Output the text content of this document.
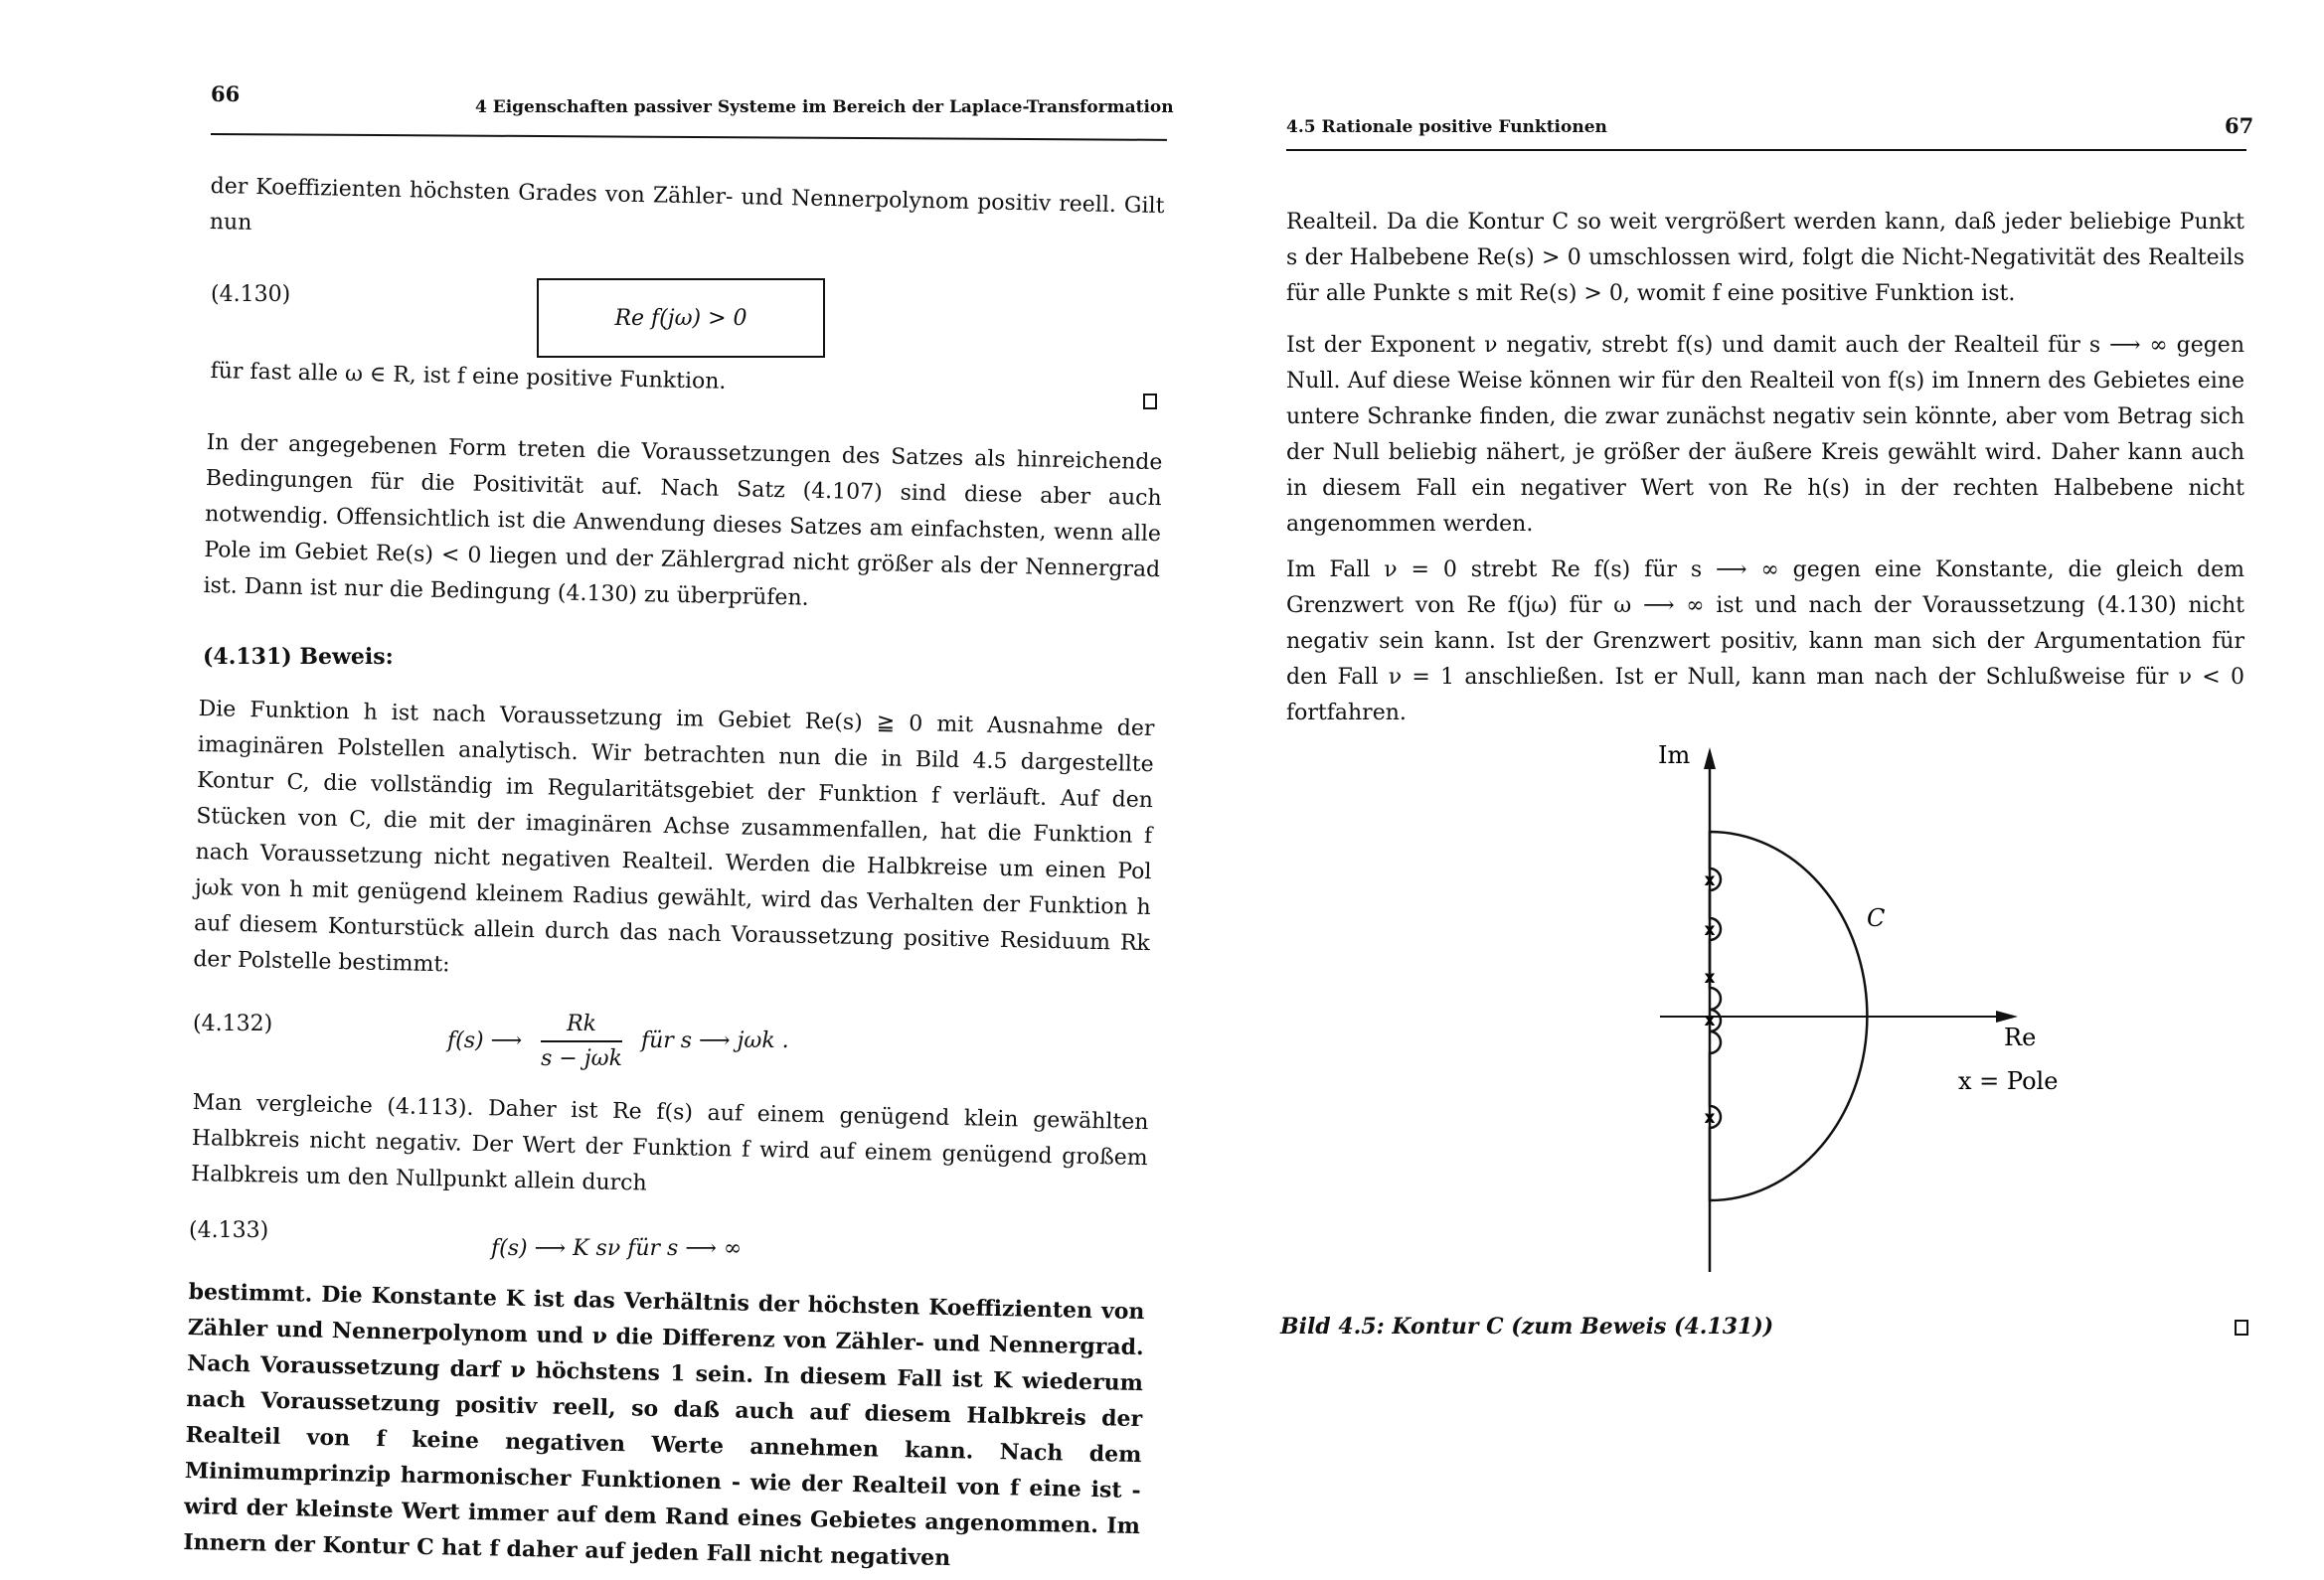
66
4 Eigenschaften passiver Systeme im Bereich der Laplace-Transformation
der Koeffizienten höchsten Grades von Zähler- und Nennerpolynom positiv reell. Gilt nun
(4.130)
Re f(jω) > 0
für fast alle ω ∈ R, ist f eine positive Funktion.
In der angegebenen Form treten die Voraussetzungen des Satzes als hinreichende Bedingungen für die Positivität auf. Nach Satz (4.107) sind diese aber auch notwendig. Offensichtlich ist die Anwendung dieses Satzes am einfachsten, wenn alle Pole im Gebiet Re(s) < 0 liegen und der Zählergrad nicht größer als der Nennergrad ist. Dann ist nur die Bedingung (4.130) zu überprüfen.
(4.131) Beweis:
Die Funktion h ist nach Voraussetzung im Gebiet Re(s) ≧ 0 mit Ausnahme der imaginären Polstellen analytisch. Wir betrachten nun die in Bild 4.5 dargestellte Kontur C, die vollständig im Regularitätsgebiet der Funktion f verläuft. Auf den Stücken von C, die mit der imaginären Achse zusammenfallen, hat die Funktion f nach Voraussetzung nicht negativen Realteil. Werden die Halbkreise um einen Pol jωk von h mit genügend kleinem Radius gewählt, wird das Verhalten der Funktion h auf diesem Konturstück allein durch das nach Voraussetzung positive Residuum Rk der Polstelle bestimmt:
(4.132)
f(s) ⟶ $\frac{Rk}{\text{s − jωk}}$ für s ⟶ jωk .
Man vergleiche (4.113). Daher ist Re f(s) auf einem genügend klein gewählten Halbkreis nicht negativ. Der Wert der Funktion f wird auf einem genügend großem Halbkreis um den Nullpunkt allein durch
(4.133)
f(s) ⟶ K sν für s ⟶ ∞
bestimmt. Die Konstante K ist das Verhältnis der höchsten Koeffizienten von Zähler und Nennerpolynom und ν die Differenz von Zähler- und Nennergrad. Nach Voraussetzung darf ν höchstens 1 sein. In diesem Fall ist K wiederum nach Voraussetzung positiv reell, so daß auch auf diesem Halbkreis der Realteil von f keine negativen Werte annehmen kann. Nach dem Minimumprinzip harmonischer Funktionen - wie der Realteil von f eine ist - wird der kleinste Wert immer auf dem Rand eines Gebietes angenommen. Im Innern der Kontur C hat f daher auf jeden Fall nicht negativen
4.5 Rationale positive Funktionen	67
Realteil. Da die Kontur C so weit vergrößert werden kann, daß jeder beliebige Punkt s der Halbebene Re(s) > 0 umschlossen wird, folgt die Nicht-Negativität des Realteils für alle Punkte s mit Re(s) > 0, womit f eine positive Funktion ist.
Ist der Exponent ν negativ, strebt f(s) und damit auch der Realteil für s ⟶ ∞ gegen Null. Auf diese Weise können wir für den Realteil von f(s) im Innern des Gebietes eine untere Schranke finden, die zwar zunächst negativ sein könnte, aber vom Betrag sich der Null beliebig nähert, je größer der äußere Kreis gewählt wird. Daher kann auch in diesem Fall ein negativer Wert von Re h(s) in der rechten Halbebene nicht angenommen werden.
Im Fall ν = 0 strebt Re f(s) für s ⟶ ∞ gegen eine Konstante, die gleich dem Grenzwert von Re f(jω) für ω ⟶ ∞ ist und nach der Voraussetzung (4.130) nicht negativ sein kann. Ist der Grenzwert positiv, kann man sich der Argumentation für den Fall ν = 1 anschließen. Ist er Null, kann man nach der Schlußweise für ν < 0 fortfahren.
x
x
x
x
x
Im
Re
C
x = Pole
Bild 4.5: Kontur C (zum Beweis (4.131))
